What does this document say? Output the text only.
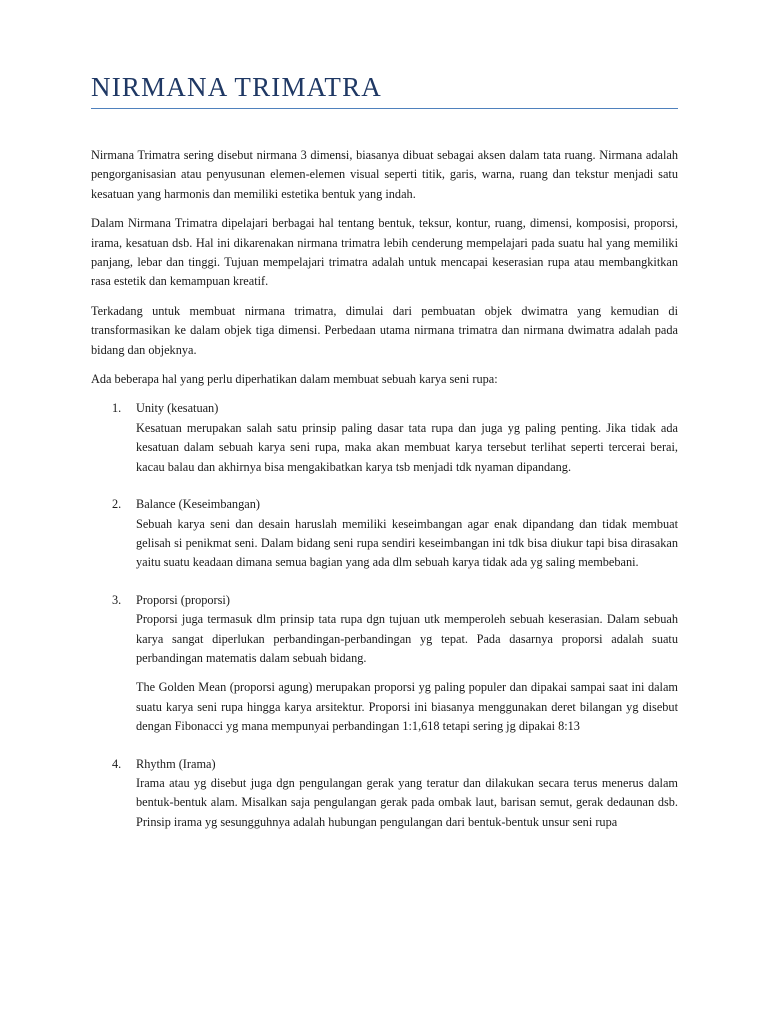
NIRMANA TRIMATRA

Nirmana Trimatra sering disebut nirmana 3 dimensi, biasanya dibuat sebagai aksen dalam tata ruang. Nirmana adalah pengorganisasian atau penyusunan elemen-elemen visual seperti titik, garis, warna, ruang dan tekstur menjadi satu kesatuan yang harmonis dan memiliki estetika bentuk yang indah.

Dalam Nirmana Trimatra dipelajari berbagai hal tentang bentuk, teksur, kontur, ruang, dimensi, komposisi, proporsi, irama, kesatuan dsb. Hal ini dikarenakan nirmana trimatra lebih cenderung mempelajari pada suatu hal yang memiliki panjang, lebar dan tinggi. Tujuan mempelajari trimatra adalah untuk mencapai keserasian rupa atau membangkitkan rasa estetik dan kemampuan kreatif.

Terkadang untuk membuat nirmana trimatra, dimulai dari pembuatan objek dwimatra yang kemudian di transformasikan ke dalam objek tiga dimensi. Perbedaan utama nirmana trimatra dan nirmana dwimatra adalah pada bidang dan objeknya.

Ada beberapa hal yang perlu diperhatikan dalam membuat sebuah karya seni rupa:

1. Unity (kesatuan)

Kesatuan merupakan salah satu prinsip paling dasar tata rupa dan juga yg paling penting. Jika tidak ada kesatuan dalam sebuah karya seni rupa, maka akan membuat karya tersebut terlihat seperti tercerai berai, kacau balau dan akhirnya bisa mengakibatkan karya tsb menjadi tdk nyaman dipandang.

2. Balance (Keseimbangan)

Sebuah karya seni dan desain haruslah memiliki keseimbangan agar enak dipandang dan tidak membuat gelisah si penikmat seni. Dalam bidang seni rupa sendiri keseimbangan ini tdk bisa diukur tapi bisa dirasakan yaitu suatu keadaan dimana semua bagian yang ada dlm sebuah karya tidak ada yg saling membebani.

3. Proporsi (proporsi)

Proporsi juga termasuk dlm prinsip tata rupa dgn tujuan utk memperoleh sebuah keserasian. Dalam sebuah karya sangat diperlukan perbandingan-perbandingan yg tepat. Pada dasarnya proporsi adalah suatu perbandingan matematis dalam sebuah bidang.

The Golden Mean (proporsi agung) merupakan proporsi yg paling populer dan dipakai sampai saat ini dalam suatu karya seni rupa hingga karya arsitektur. Proporsi ini biasanya menggunakan deret bilangan yg disebut dengan Fibonacci yg mana mempunyai perbandingan 1:1,618 tetapi sering jg dipakai 8:13

4. Rhythm (Irama)

Irama atau yg disebut juga dgn pengulangan gerak yang teratur dan dilakukan secara terus menerus dalam bentuk-bentuk alam. Misalkan saja pengulangan gerak pada ombak laut, barisan semut, gerak dedaunan dsb. Prinsip irama yg sesungguhnya adalah hubungan pengulangan dari bentuk-bentuk unsur seni rupa
